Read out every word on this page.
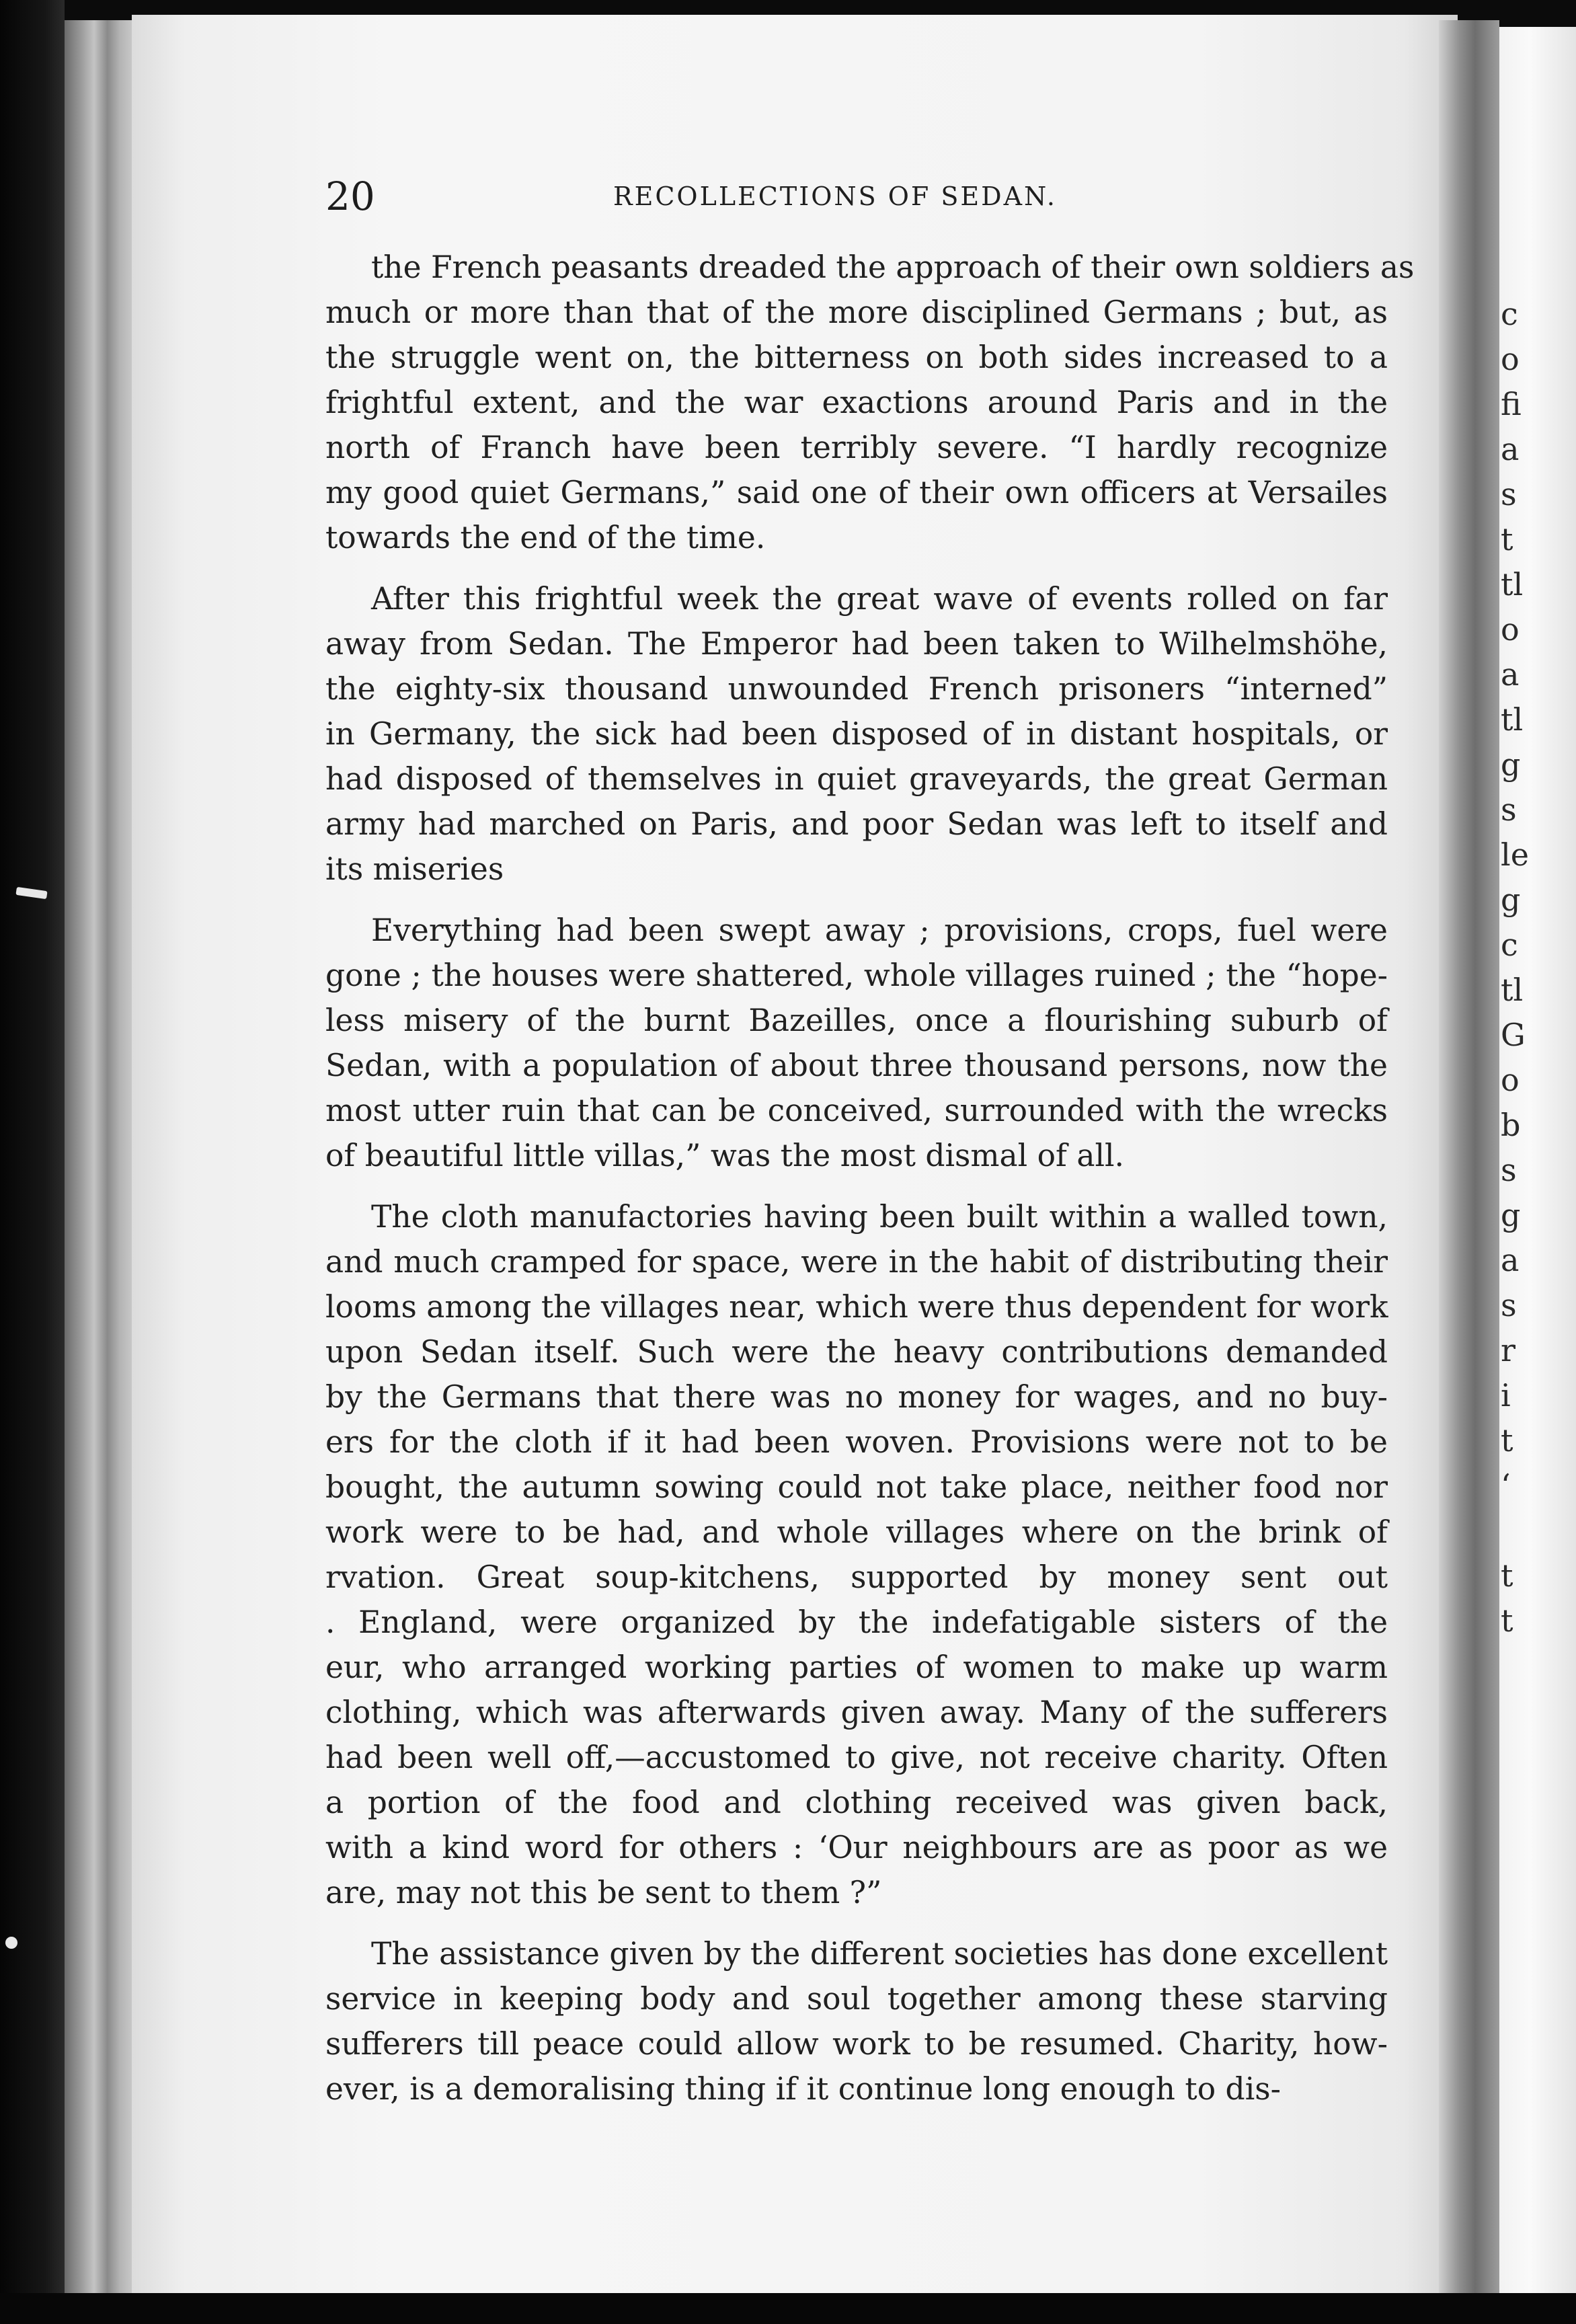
c
o
fi
a
s
t
tl
o
a
tl
g
s
le
g
c
tl
G
o
b
s
g
a
s
r
i
t
‘
t
t
20	RECOLLECTIONS OF SEDAN.
the French peasants dreaded the approach of their own soldiers as
much or more than that of the more disciplined Germans ; but, as
the struggle went on, the bitterness on both sides increased to a
frightful extent, and the war exactions around Paris and in the
north of Franch have been terribly severe. “I hardly recognize
my good quiet Germans,” said one of their own officers at Versailes
towards the end of the time.
After this frightful week the great wave of events rolled on far
away from Sedan. The Emperor had been taken to Wilhelmshöhe,
the eighty-six thousand unwounded French prisoners “interned”
in Germany, the sick had been disposed of in distant hospitals, or
had disposed of themselves in quiet graveyards, the great German
army had marched on Paris, and poor Sedan was left to itself and
its miseries
Everything had been swept away ; provisions, crops, fuel were
gone ; the houses were shattered, whole villages ruined ; the “hope-
less misery of the burnt Bazeilles, once a flourishing suburb of
Sedan, with a population of about three thousand persons, now the
most utter ruin that can be conceived, surrounded with the wrecks
of beautiful little villas,” was the most dismal of all.
The cloth manufactories having been built within a walled town,
and much cramped for space, were in the habit of distributing their
looms among the villages near, which were thus dependent for work
upon Sedan itself. Such were the heavy contributions demanded
by the Germans that there was no money for wages, and no buy-
ers for the cloth if it had been woven. Provisions were not to be
bought, the autumn sowing could not take place, neither food nor
work were to be had, and whole villages where on the brink of
rvation. Great soup-kitchens, supported by money sent out
. England, were organized by the indefatigable sisters of the
eur, who arranged working parties of women to make up warm
clothing, which was afterwards given away. Many of the sufferers
had been well off,—accustomed to give, not receive charity. Often
a portion of the food and clothing received was given back,
with a kind word for others : ‘Our neighbours are as poor as we
are, may not this be sent to them ?”
The assistance given by the different societies has done excellent
service in keeping body and soul together among these starving
sufferers till peace could allow work to be resumed. Charity, how-
ever, is a demoralising thing if it continue long enough to dis-
